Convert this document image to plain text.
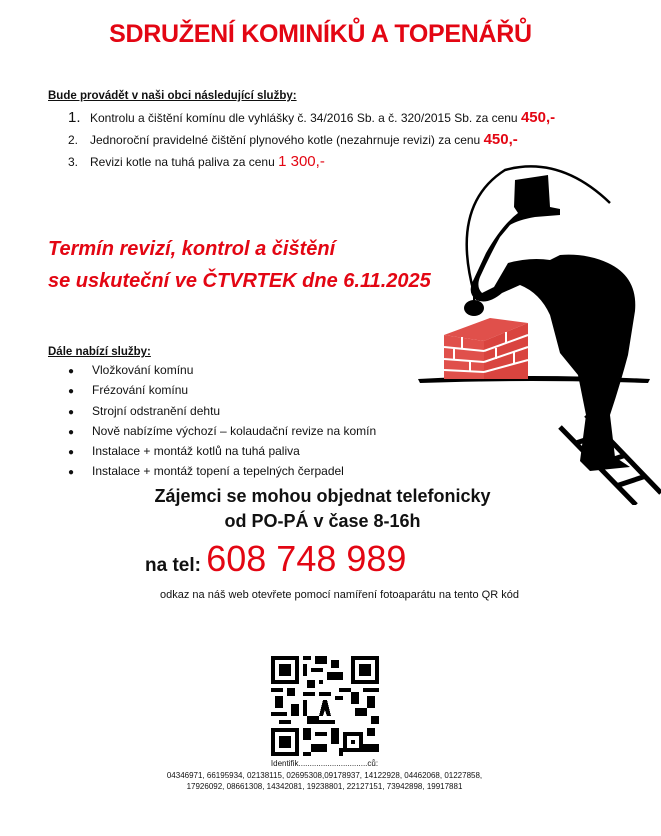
SDRUŽENÍ KOMINÍKŮ A TOPENÁŘŮ
Bude provádět v naši obci následující služby:
1. Kontrolu a čištění komínu dle vyhlášky č. 34/2016 Sb. a č. 320/2015 Sb. za cenu 450,-
2. Jednoroční pravidelné čištění plynového kotle (nezahrnuje revizi) za cenu 450,-
3. Revizi kotle na tuhá paliva za cenu 1 300,-
Termín revizí, kontrol a čištění
se uskuteční ve ČTVRTEK dne 6.11.2025
Dále nabízí služby:
● Vložkování komínu
● Frézování komínu
● Strojní odstranění dehtu
● Nově nabízíme výchozí – kolaudační revize na komín
● Instalace + montáž kotlů na tuhá paliva
● Instalace + montáž topení a tepelných čerpadel
Zájemci se mohou objednat telefonicky
od PO-PÁ v čase 8-16h
na tel: 608 748 989
odkaz na náš web otevřete pomocí namíření fotoaparátu na tento QR kód
Identifik...............................ců:
04346971, 66195934, 02138115, 02695308,09178937, 14122928, 04462068, 01227858,
17926092, 08661308, 14342081, 19238801, 22127151, 73942898, 19917881
